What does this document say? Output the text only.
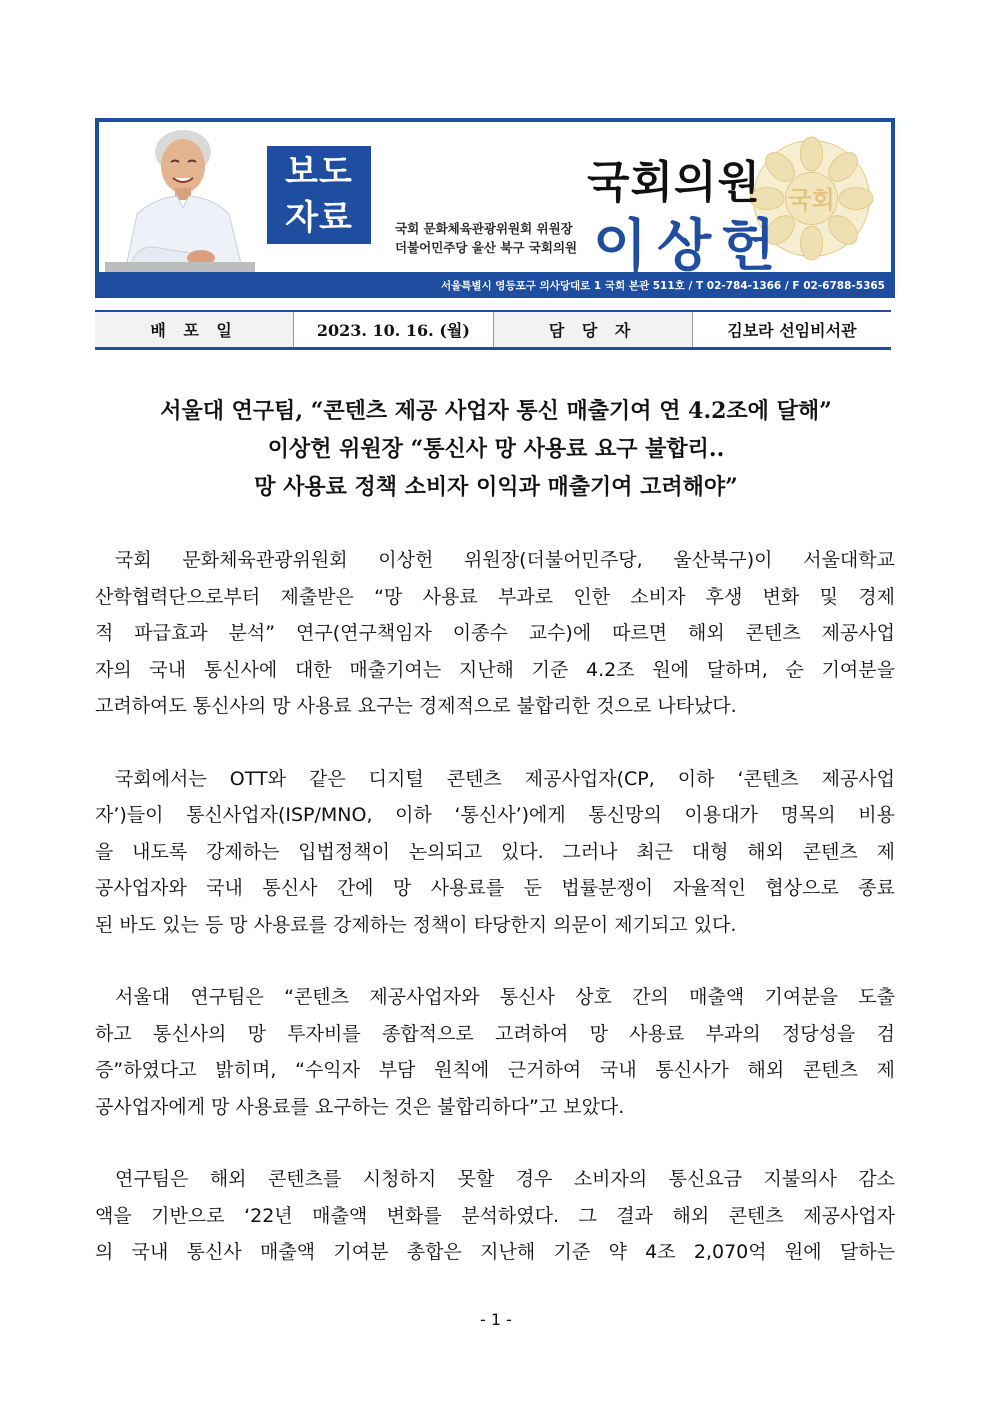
보도
자료	국회 문화체육관광위원회 위원장
더불어민주당 울산 북구 국회의원
국회
국회의원
이상헌
서울특별시 영등포구 의사당대로 1 국회 본관 511호 / T 02-784-1366 / F 02-6788-5365
배 포 일	2023. 10. 16. (월)	담 당 자	김보라 선임비서관
서울대 연구팀, “콘텐츠 제공 사업자 통신 매출기여 연 4.2조에 달해”
이상헌 위원장 “통신사 망 사용료 요구 불합리..
망 사용료 정책 소비자 이익과 매출기여 고려해야”
국회 문화체육관광위원회 이상헌 위원장(더불어민주당, 울산북구)이 서울대학교
산학협력단으로부터 제출받은 “망 사용료 부과로 인한 소비자 후생 변화 및 경제
적 파급효과 분석” 연구(연구책임자 이종수 교수)에 따르면 해외 콘텐츠 제공사업
자의 국내 통신사에 대한 매출기여는 지난해 기준 4.2조 원에 달하며, 순 기여분을
고려하여도 통신사의 망 사용료 요구는 경제적으로 불합리한 것으로 나타났다.
국회에서는 OTT와 같은 디지털 콘텐츠 제공사업자(CP, 이하 ‘콘텐츠 제공사업
자’)들이 통신사업자(ISP/MNO, 이하 ‘통신사’)에게 통신망의 이용대가 명목의 비용
을 내도록 강제하는 입법정책이 논의되고 있다. 그러나 최근 대형 해외 콘텐츠 제
공사업자와 국내 통신사 간에 망 사용료를 둔 법률분쟁이 자율적인 협상으로 종료
된 바도 있는 등 망 사용료를 강제하는 정책이 타당한지 의문이 제기되고 있다.
서울대 연구팀은 “콘텐츠 제공사업자와 통신사 상호 간의 매출액 기여분을 도출
하고 통신사의 망 투자비를 종합적으로 고려하여 망 사용료 부과의 정당성을 검
증”하였다고 밝히며, “수익자 부담 원칙에 근거하여 국내 통신사가 해외 콘텐츠 제
공사업자에게 망 사용료를 요구하는 것은 불합리하다”고 보았다.
연구팀은 해외 콘텐츠를 시청하지 못할 경우 소비자의 통신요금 지불의사 감소
액을 기반으로 ‘22년 매출액 변화를 분석하였다. 그 결과 해외 콘텐츠 제공사업자
의 국내 통신사 매출액 기여분 총합은 지난해 기준 약 4조 2,070억 원에 달하는
- 1 -
